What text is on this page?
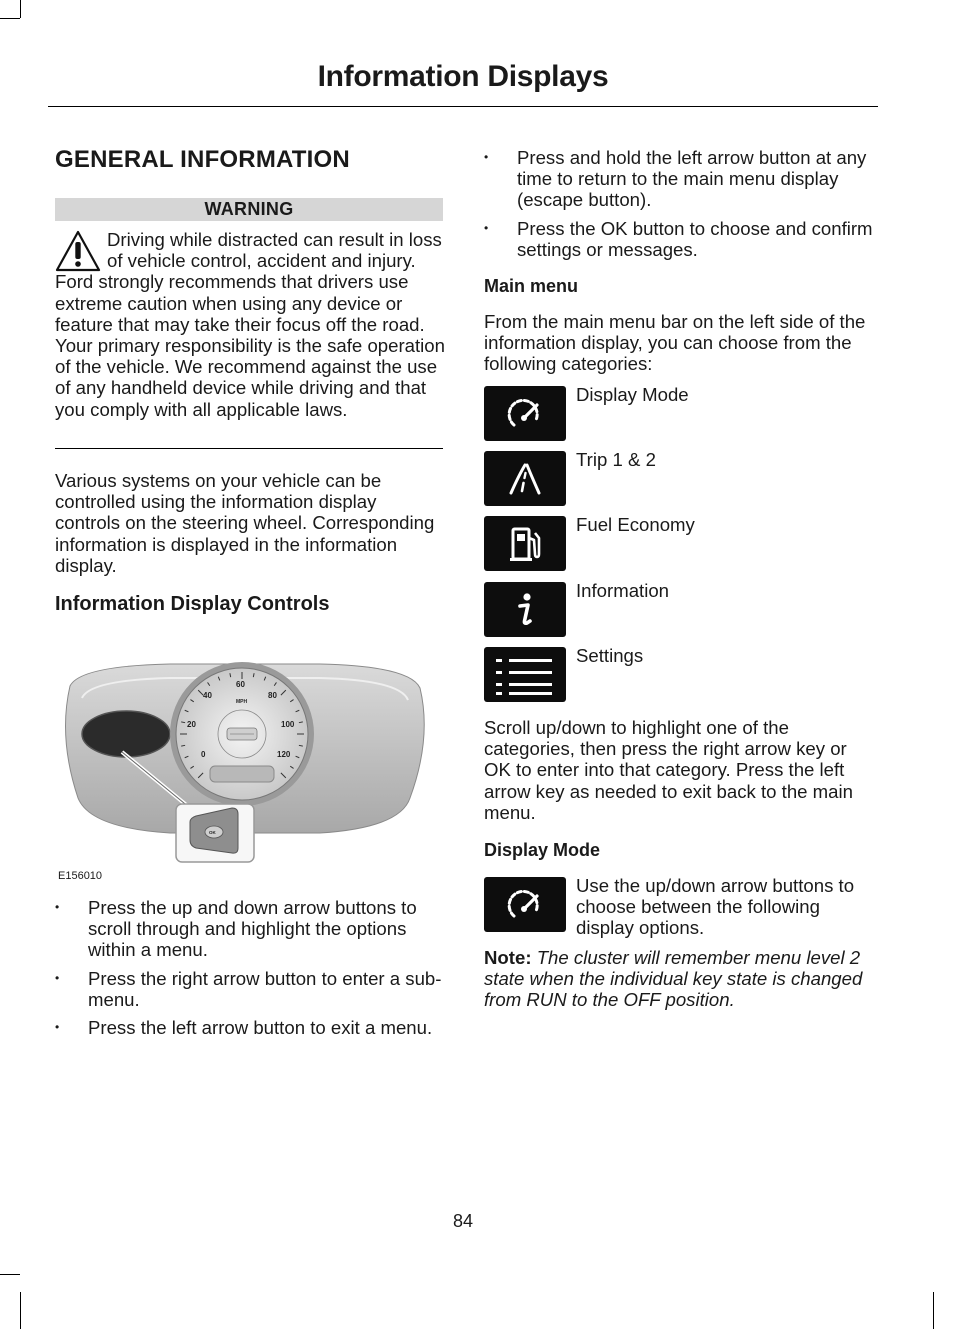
Information Displays
GENERAL INFORMATION
WARNING
Driving while distracted can result in loss of vehicle control, accident and injury. Ford strongly recommends that drivers use extreme caution when using any device or feature that may take their focus off the road. Your primary responsibility is the safe operation of the vehicle. We recommend against the use of any handheld device while driving and that you comply with all applicable laws.
Various systems on your vehicle can be controlled using the information display controls on the steering wheel. Corresponding information is displayed in the information display.
Information Display Controls
0
20
40
60
80
100
120
MPH
OK
E156010
• Press the up and down arrow buttons to scroll through and highlight the options within a menu.
• Press the right arrow button to enter a sub-menu.
• Press the left arrow button to exit a menu.
• Press and hold the left arrow button at any time to return to the main menu display (escape button).
• Press the OK button to choose and confirm settings or messages.
Main menu
From the main menu bar on the left side of the information display, you can choose from the following categories:
Display Mode
Trip 1 & 2
Fuel Economy
Information
Settings
Scroll up/down to highlight one of the categories, then press the right arrow key or OK to enter into that category. Press the left arrow key as needed to exit back to the main menu.
Display Mode
Use the up/down arrow buttons to choose between the following display options.
Note: The cluster will remember menu level 2 state when the individual key state is changed from RUN to the OFF position.
84
